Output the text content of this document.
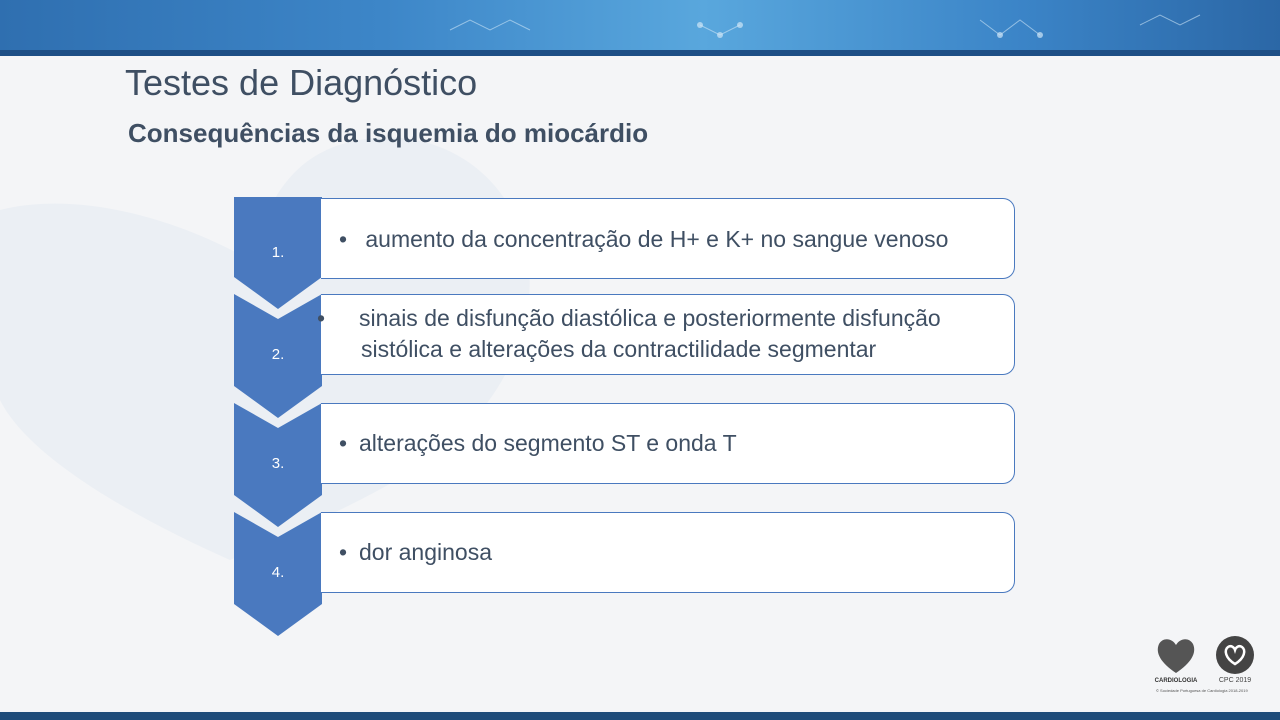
Testes de Diagnóstico
Consequências da isquemia do miocárdio
1.

• aumento da concentração de H+ e K+ no sangue venoso

2.

• sinais de disfunção diastólica e posteriormente disfunção
sistólica e alterações da contractilidade segmentar

3.

• alterações do segmento ST e onda T

4.

• dor anginosa

CARDIOLOGIA	CPC 2019
© Sociedade Portuguesa de Cardiologia 2018-2019
